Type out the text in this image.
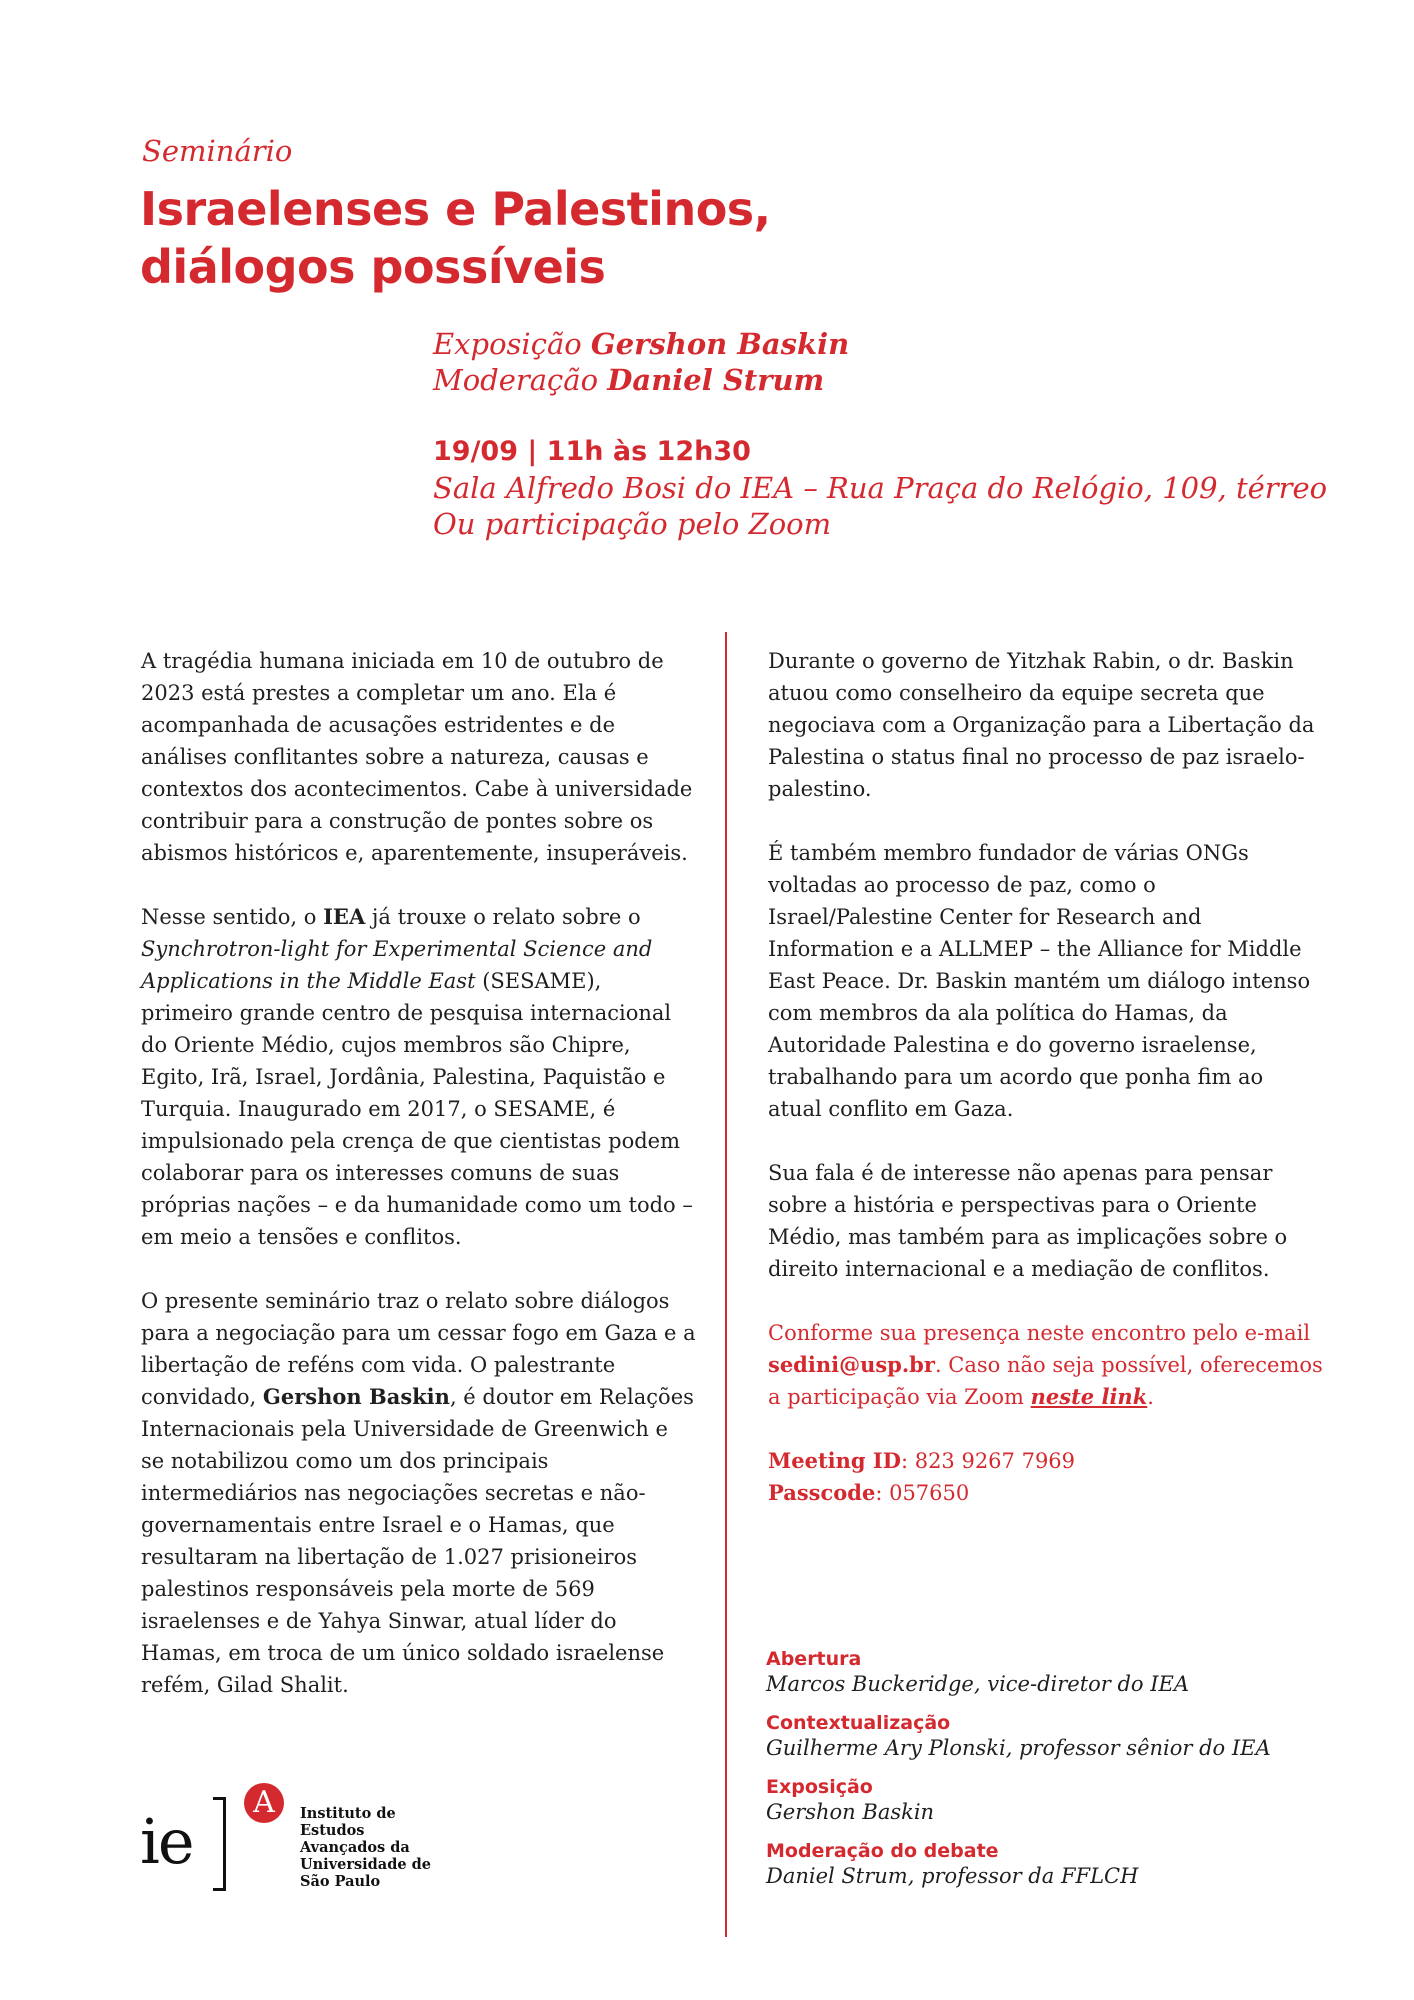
Seminário
Israelenses e Palestinos,
diálogos possíveis
Exposição Gershon Baskin
Moderação Daniel Strum
19/09 | 11h às 12h30
Sala Alfredo Bosi do IEA – Rua Praça do Relógio, 109, térreo
Ou participação pelo Zoom

A tragédia humana iniciada em 10 de outubro de 2023 está prestes a completar um ano. Ela é acompanhada de acusações estridentes e de análises conflitantes sobre a natureza, causas e contextos dos acontecimentos. Cabe à universidade contribuir para a construção de pontes sobre os abismos históricos e, aparentemente, insuperáveis.

Nesse sentido, o IEA já trouxe o relato sobre o Synchrotron-light for Experimental Science and Applications in the Middle East (SESAME), primeiro grande centro de pesquisa internacional do Oriente Médio, cujos membros são Chipre, Egito, Irã, Israel, Jordânia, Palestina, Paquistão e Turquia. Inaugurado em 2017, o SESAME, é impulsionado pela crença de que cientistas podem colaborar para os interesses comuns de suas próprias nações – e da humanidade como um todo – em meio a tensões e conflitos.

O presente seminário traz o relato sobre diálogos para a negociação para um cessar fogo em Gaza e a libertação de reféns com vida. O palestrante convidado, Gershon Baskin, é doutor em Relações Internacionais pela Universidade de Greenwich e se notabilizou como um dos principais intermediários nas negociações secretas e não-governamentais entre Israel e o Hamas, que resultaram na libertação de 1.027 prisioneiros palestinos responsáveis pela morte de 569 israelenses e de Yahya Sinwar, atual líder do Hamas, em troca de um único soldado israelense refém, Gilad Shalit.

Durante o governo de Yitzhak Rabin, o dr. Baskin atuou como conselheiro da equipe secreta que negociava com a Organização para a Libertação da Palestina o status final no processo de paz israelo-palestino.

É também membro fundador de várias ONGs voltadas ao processo de paz, como o Israel/Palestine Center for Research and Information e a ALLMEP – the Alliance for Middle East Peace. Dr. Baskin mantém um diálogo intenso com membros da ala política do Hamas, da Autoridade Palestina e do governo israelense, trabalhando para um acordo que ponha fim ao atual conflito em Gaza.

Sua fala é de interesse não apenas para pensar sobre a história e perspectivas para o Oriente Médio, mas também para as implicações sobre o direito internacional e a mediação de conflitos.

Conforme sua presença neste encontro pelo e-mail sedini@usp.br. Caso não seja possível, oferecemos a participação via Zoom neste link.

Meeting ID: 823 9267 7969
Passcode: 057650

Abertura
Marcos Buckeridge, vice-diretor do IEA
Contextualização
Guilherme Ary Plonski, professor sênior do IEA
Exposição
Gershon Baskin
Moderação do debate
Daniel Strum, professor da FFLCH
ie
A	Instituto de
Estudos
Avançados da
Universidade de
São Paulo
